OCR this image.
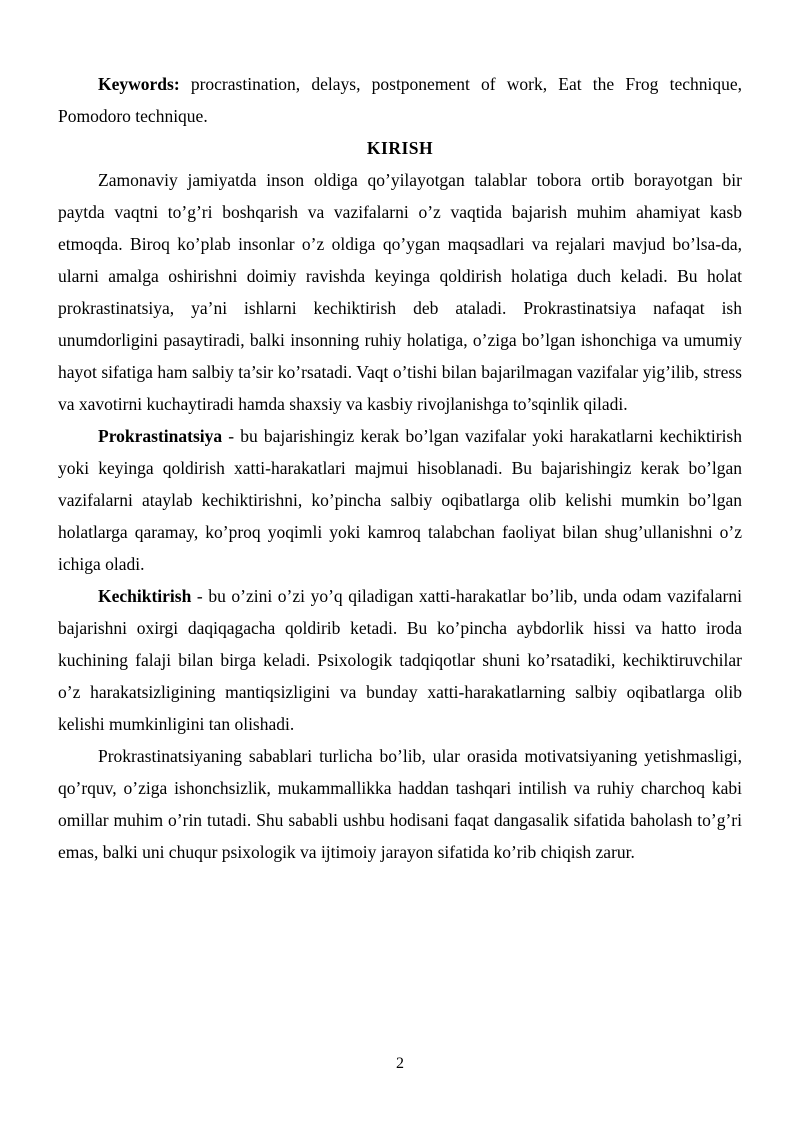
Keywords: procrastination, delays, postponement of work, Eat the Frog technique, Pomodoro technique.

KIRISH

Zamonaviy jamiyatda inson oldiga qo’yilayotgan talablar tobora ortib borayotgan bir paytda vaqtni to’g’ri boshqarish va vazifalarni o’z vaqtida bajarish muhim ahamiyat kasb etmoqda. Biroq ko’plab insonlar o’z oldiga qo’ygan maqsadlari va rejalari mavjud bo’lsa-da, ularni amalga oshirishni doimiy ravishda keyinga qoldirish holatiga duch keladi. Bu holat prokrastinatsiya, ya’ni ishlarni kechiktirish deb ataladi. Prokrastinatsiya nafaqat ish unumdorligini pasaytiradi, balki insonning ruhiy holatiga, o’ziga bo’lgan ishonchiga va umumiy hayot sifatiga ham salbiy ta’sir ko’rsatadi. Vaqt o’tishi bilan bajarilmagan vazifalar yig’ilib, stress va xavotirni kuchaytiradi hamda shaxsiy va kasbiy rivojlanishga to’sqinlik qiladi.

Prokrastinatsiya - bu bajarishingiz kerak bo’lgan vazifalar yoki harakatlarni kechiktirish yoki keyinga qoldirish xatti-harakatlari majmui hisoblanadi. Bu bajarishingiz kerak bo’lgan vazifalarni ataylab kechiktirishni, ko’pincha salbiy oqibatlarga olib kelishi mumkin bo’lgan holatlarga qaramay, ko’proq yoqimli yoki kamroq talabchan faoliyat bilan shug’ullanishni o’z ichiga oladi.

Kechiktirish - bu o’zini o’zi yo’q qiladigan xatti-harakatlar bo’lib, unda odam vazifalarni bajarishni oxirgi daqiqagacha qoldirib ketadi. Bu ko’pincha aybdorlik hissi va hatto iroda kuchining falaji bilan birga keladi. Psixologik tadqiqotlar shuni ko’rsatadiki, kechiktiruvchilar o’z harakatsizligining mantiqsizligini va bunday xatti-harakatlarning salbiy oqibatlarga olib kelishi mumkinligini tan olishadi.

Prokrastinatsiyaning sabablari turlicha bo’lib, ular orasida motivatsiyaning yetishmasligi, qo’rquv, o’ziga ishonchsizlik, mukammallikka haddan tashqari intilish va ruhiy charchoq kabi omillar muhim o’rin tutadi. Shu sababli ushbu hodisani faqat dangasalik sifatida baholash to’g’ri emas, balki uni chuqur psixologik va ijtimoiy jarayon sifatida ko’rib chiqish zarur.

2
